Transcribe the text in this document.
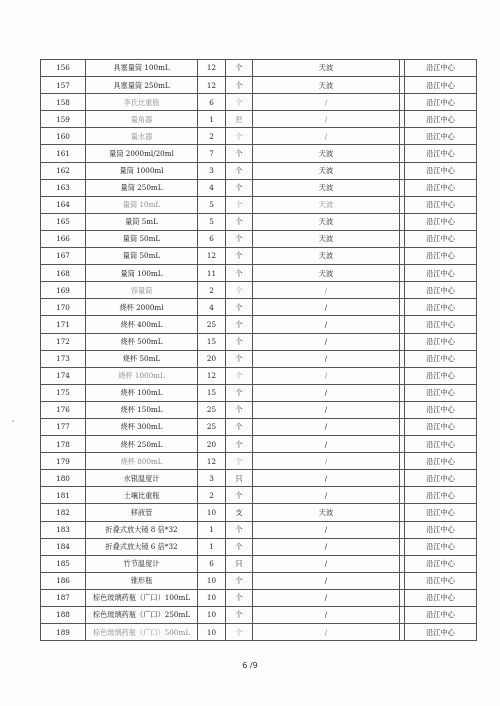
156	具塞量筒 100mL	12	个	天波		沿江中心
157	具塞量筒 250mL	12	个	天波		沿江中心
158	李氏比重瓶	6	个	/		沿江中心
159	量角器	1	把	/		沿江中心
160	量水器	2	个	/		沿江中心
161	量筒 2000ml/20ml	7	个	天波		沿江中心
162	量筒 1000ml	3	个	天波		沿江中心
163	量筒 250mL	4	个	天波		沿江中心
164	量筒 10mL	5	个	天波		沿江中心
165	量筒 5mL	5	个	天波		沿江中心
166	量筒 50mL	6	个	天波		沿江中心
167	量筒 50mL	12	个	天波		沿江中心
168	量筒 100mL	11	个	天波		沿江中心
169	容量筒	2	个	/		沿江中心
170	烧杯 2000ml	4	个	/		沿江中心
171	烧杯 400mL	25	个	/		沿江中心
172	烧杯 500mL	15	个	/		沿江中心
173	烧杯 50mL	20	个	/		沿江中心
174	烧杯 1000mL	12	个	/		沿江中心
175	烧杯 100mL	15	个	/		沿江中心
176	烧杯 150mL	25	个	/		沿江中心
177	烧杯 300mL	25	个	/		沿江中心
178	烧杯 250mL	20	个	/		沿江中心
179	烧杯 800mL	12	个	/		沿江中心
180	水银温度计	3	只	/		沿江中心
181	土壤比重瓶	2	个	/		沿江中心
182	移液管	10	支	天波		沿江中心
183	折叠式放大镜 8 倍*32	1	个	/		沿江中心
184	折叠式放大镜 6 倍*32	1	个	/		沿江中心
185	竹节温度计	6	只	/		沿江中心
186	锥形瓶	10	个	/		沿江中心
187	棕色玻璃药瓶（广口）100mL	10	个	/		沿江中心
188	棕色玻璃药瓶（广口）250mL	10	个	/		沿江中心
189	棕色玻璃药瓶（广口）500mL	10	个	/		沿江中心
6 /9
